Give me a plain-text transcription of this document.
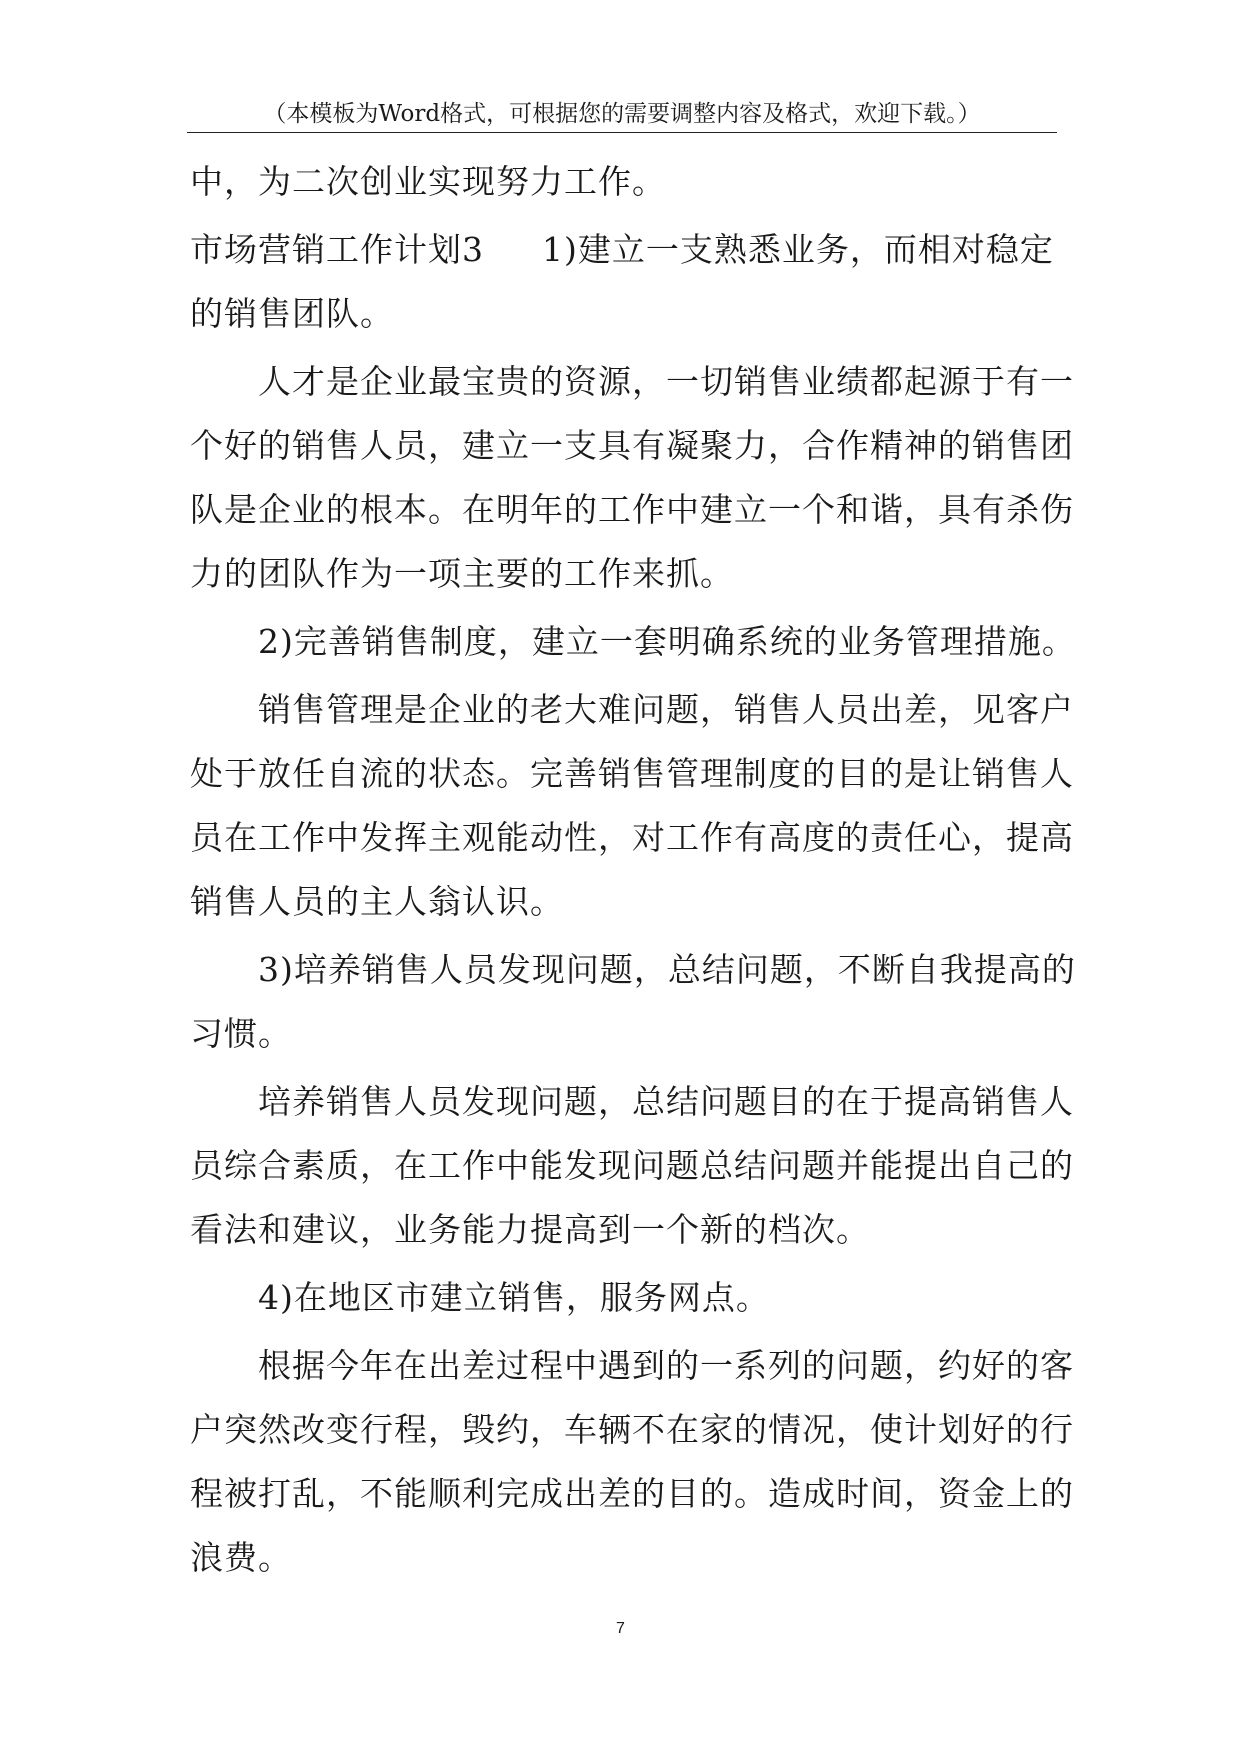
（本模板为Word格式，可根据您的需要调整内容及格式，欢迎下载。）
中，为二次创业实现努力工作。
市场营销工作计划3 1)建立一支熟悉业务，而相对稳定
的销售团队。
人才是企业最宝贵的资源，一切销售业绩都起源于有一
个好的销售人员，建立一支具有凝聚力，合作精神的销售团
队是企业的根本。在明年的工作中建立一个和谐，具有杀伤
力的团队作为一项主要的工作来抓。
2)完善销售制度，建立一套明确系统的业务管理措施。
销售管理是企业的老大难问题，销售人员出差，见客户
处于放任自流的状态。完善销售管理制度的目的是让销售人
员在工作中发挥主观能动性，对工作有高度的责任心，提高
销售人员的主人翁认识。
3)培养销售人员发现问题，总结问题，不断自我提高的
习惯。
培养销售人员发现问题，总结问题目的在于提高销售人
员综合素质，在工作中能发现问题总结问题并能提出自己的
看法和建议，业务能力提高到一个新的档次。
4)在地区市建立销售，服务网点。
根据今年在出差过程中遇到的一系列的问题，约好的客
户突然改变行程，毁约，车辆不在家的情况，使计划好的行
程被打乱，不能顺利完成出差的目的。造成时间，资金上的
浪费。
7
